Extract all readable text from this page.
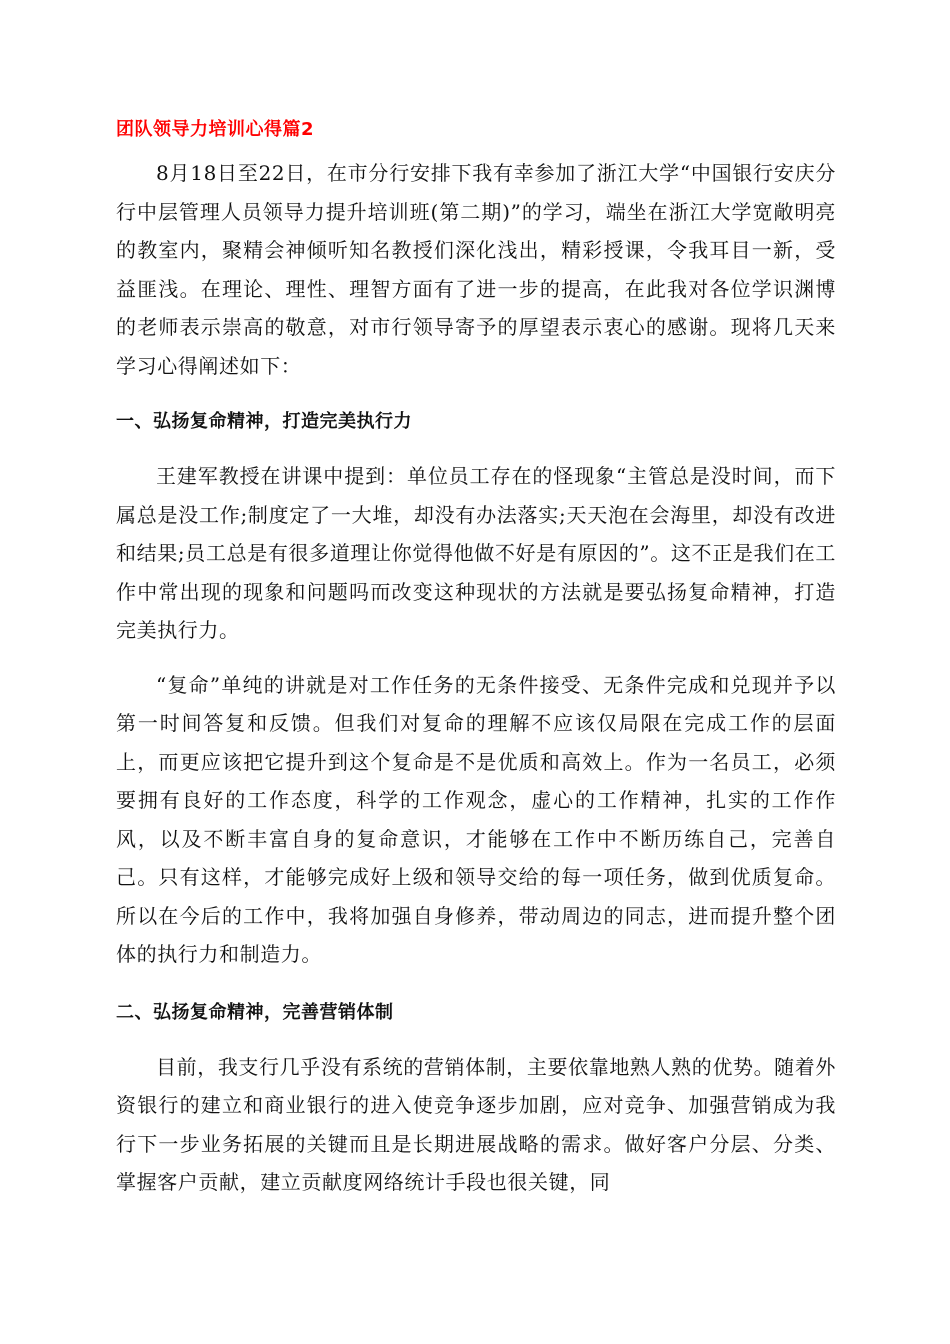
团队领导力培训心得篇2

8月18日至22日，在市分行安排下我有幸参加了浙江大学“中国银行安庆分行中层管理人员领导力提升培训班(第二期)”的学习，端坐在浙江大学宽敞明亮的教室内，聚精会神倾听知名教授们深化浅出，精彩授课，令我耳目一新，受益匪浅。在理论、理性、理智方面有了进一步的提高，在此我对各位学识渊博的老师表示崇高的敬意，对市行领导寄予的厚望表示衷心的感谢。现将几天来学习心得阐述如下：

一、弘扬复命精神，打造完美执行力

王建军教授在讲课中提到：单位员工存在的怪现象“主管总是没时间，而下属总是没工作;制度定了一大堆，却没有办法落实;天天泡在会海里，却没有改进和结果;员工总是有很多道理让你觉得他做不好是有原因的”。这不正是我们在工作中常出现的现象和问题吗而改变这种现状的方法就是要弘扬复命精神，打造完美执行力。

“复命”单纯的讲就是对工作任务的无条件接受、无条件完成和兑现并予以第一时间答复和反馈。但我们对复命的理解不应该仅局限在完成工作的层面上，而更应该把它提升到这个复命是不是优质和高效上。作为一名员工，必须要拥有良好的工作态度，科学的工作观念，虚心的工作精神，扎实的工作作风，以及不断丰富自身的复命意识，才能够在工作中不断历练自己，完善自己。只有这样，才能够完成好上级和领导交给的每一项任务，做到优质复命。所以在今后的工作中，我将加强自身修养，带动周边的同志，进而提升整个团体的执行力和制造力。

二、弘扬复命精神，完善营销体制

目前，我支行几乎没有系统的营销体制，主要依靠地熟人熟的优势。随着外资银行的建立和商业银行的进入使竞争逐步加剧，应对竞争、加强营销成为我行下一步业务拓展的关键而且是长期进展战略的需求。做好客户分层、分类、掌握客户贡献，建立贡献度网络统计手段也很关键，同
